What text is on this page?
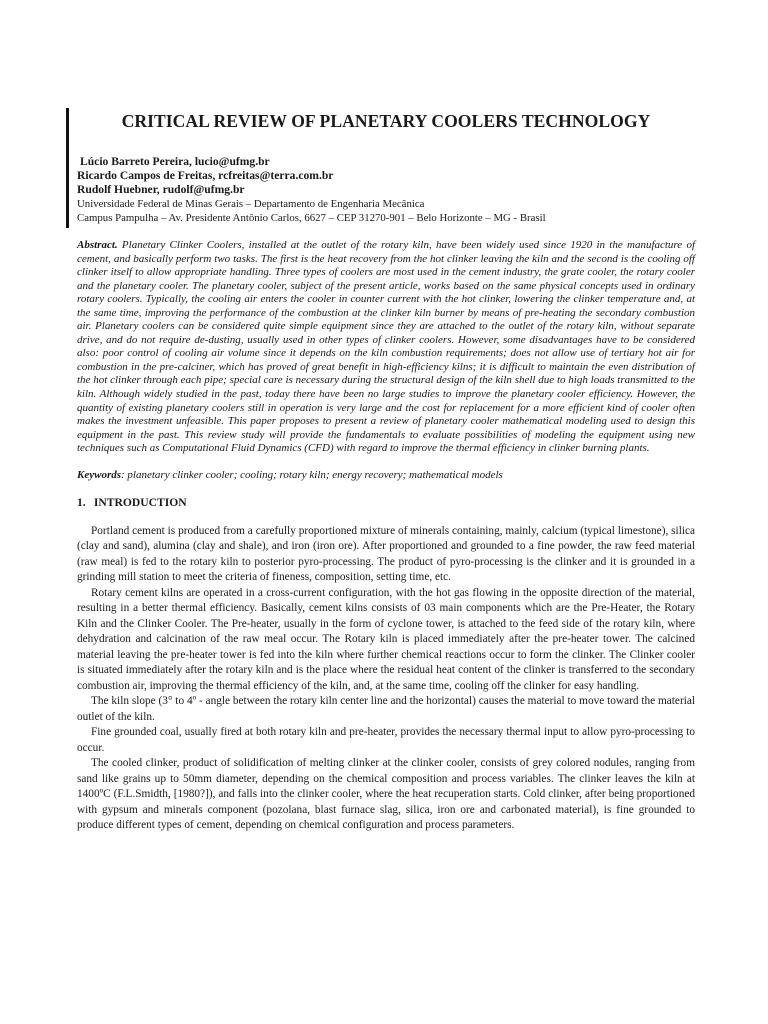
CRITICAL REVIEW OF PLANETARY COOLERS TECHNOLOGY
Lúcio Barreto Pereira, lucio@ufmg.br
Ricardo Campos de Freitas, rcfreitas@terra.com.br
Rudolf Huebner, rudolf@ufmg.br
Universidade Federal de Minas Gerais – Departamento de Engenharia Mecânica
Campus Pampulha – Av. Presidente Antônio Carlos, 6627 – CEP 31270-901 – Belo Horizonte – MG - Brasil
Abstract. Planetary Clinker Coolers, installed at the outlet of the rotary kiln, have been widely used since 1920 in the manufacture of cement, and basically perform two tasks. The first is the heat recovery from the hot clinker leaving the kiln and the second is the cooling off clinker itself to allow appropriate handling. Three types of coolers are most used in the cement industry, the grate cooler, the rotary cooler and the planetary cooler. The planetary cooler, subject of the present article, works based on the same physical concepts used in ordinary rotary coolers. Typically, the cooling air enters the cooler in counter current with the hot clinker, lowering the clinker temperature and, at the same time, improving the performance of the combustion at the clinker kiln burner by means of pre-heating the secondary combustion air. Planetary coolers can be considered quite simple equipment since they are attached to the outlet of the rotary kiln, without separate drive, and do not require de-dusting, usually used in other types of clinker coolers. However, some disadvantages have to be considered also: poor control of cooling air volume since it depends on the kiln combustion requirements; does not allow use of tertiary hot air for combustion in the pre-calciner, which has proved of great benefit in high-efficiency kilns; it is difficult to maintain the even distribution of the hot clinker through each pipe; special care is necessary during the structural design of the kiln shell due to high loads transmitted to the kiln. Although widely studied in the past, today there have been no large studies to improve the planetary cooler efficiency. However, the quantity of existing planetary coolers still in operation is very large and the cost for replacement for a more efficient kind of cooler often makes the investment unfeasible. This paper proposes to present a review of planetary cooler mathematical modeling used to design this equipment in the past. This review study will provide the fundamentals to evaluate possibilities of modeling the equipment using new techniques such as Computational Fluid Dynamics (CFD) with regard to improve the thermal efficiency in clinker burning plants.
Keywords: planetary clinker cooler; cooling; rotary kiln; energy recovery; mathematical models
1. INTRODUCTION

Portland cement is produced from a carefully proportioned mixture of minerals containing, mainly, calcium (typical limestone), silica (clay and sand), alumina (clay and shale), and iron (iron ore). After proportioned and grounded to a fine powder, the raw feed material (raw meal) is fed to the rotary kiln to posterior pyro-processing. The product of pyro-processing is the clinker and it is grounded in a grinding mill station to meet the criteria of fineness, composition, setting time, etc.

Rotary cement kilns are operated in a cross-current configuration, with the hot gas flowing in the opposite direction of the material, resulting in a better thermal efficiency. Basically, cement kilns consists of 03 main components which are the Pre-Heater, the Rotary Kiln and the Clinker Cooler. The Pre-heater, usually in the form of cyclone tower, is attached to the feed side of the rotary kiln, where dehydration and calcination of the raw meal occur. The Rotary kiln is placed immediately after the pre-heater tower. The calcined material leaving the pre-heater tower is fed into the kiln where further chemical reactions occur to form the clinker. The Clinker cooler is situated immediately after the rotary kiln and is the place where the residual heat content of the clinker is transferred to the secondary combustion air, improving the thermal efficiency of the kiln, and, at the same time, cooling off the clinker for easy handling.

The kiln slope (3° to 4º - angle between the rotary kiln center line and the horizontal) causes the material to move toward the material outlet of the kiln.

Fine grounded coal, usually fired at both rotary kiln and pre-heater, provides the necessary thermal input to allow pyro-processing to occur.

The cooled clinker, product of solidification of melting clinker at the clinker cooler, consists of grey colored nodules, ranging from sand like grains up to 50mm diameter, depending on the chemical composition and process variables. The clinker leaves the kiln at 1400ºC (F.L.Smidth, [1980?]), and falls into the clinker cooler, where the heat recuperation starts. Cold clinker, after being proportioned with gypsum and minerals component (pozolana, blast furnace slag, silica, iron ore and carbonated material), is fine grounded to produce different types of cement, depending on chemical configuration and process parameters.
